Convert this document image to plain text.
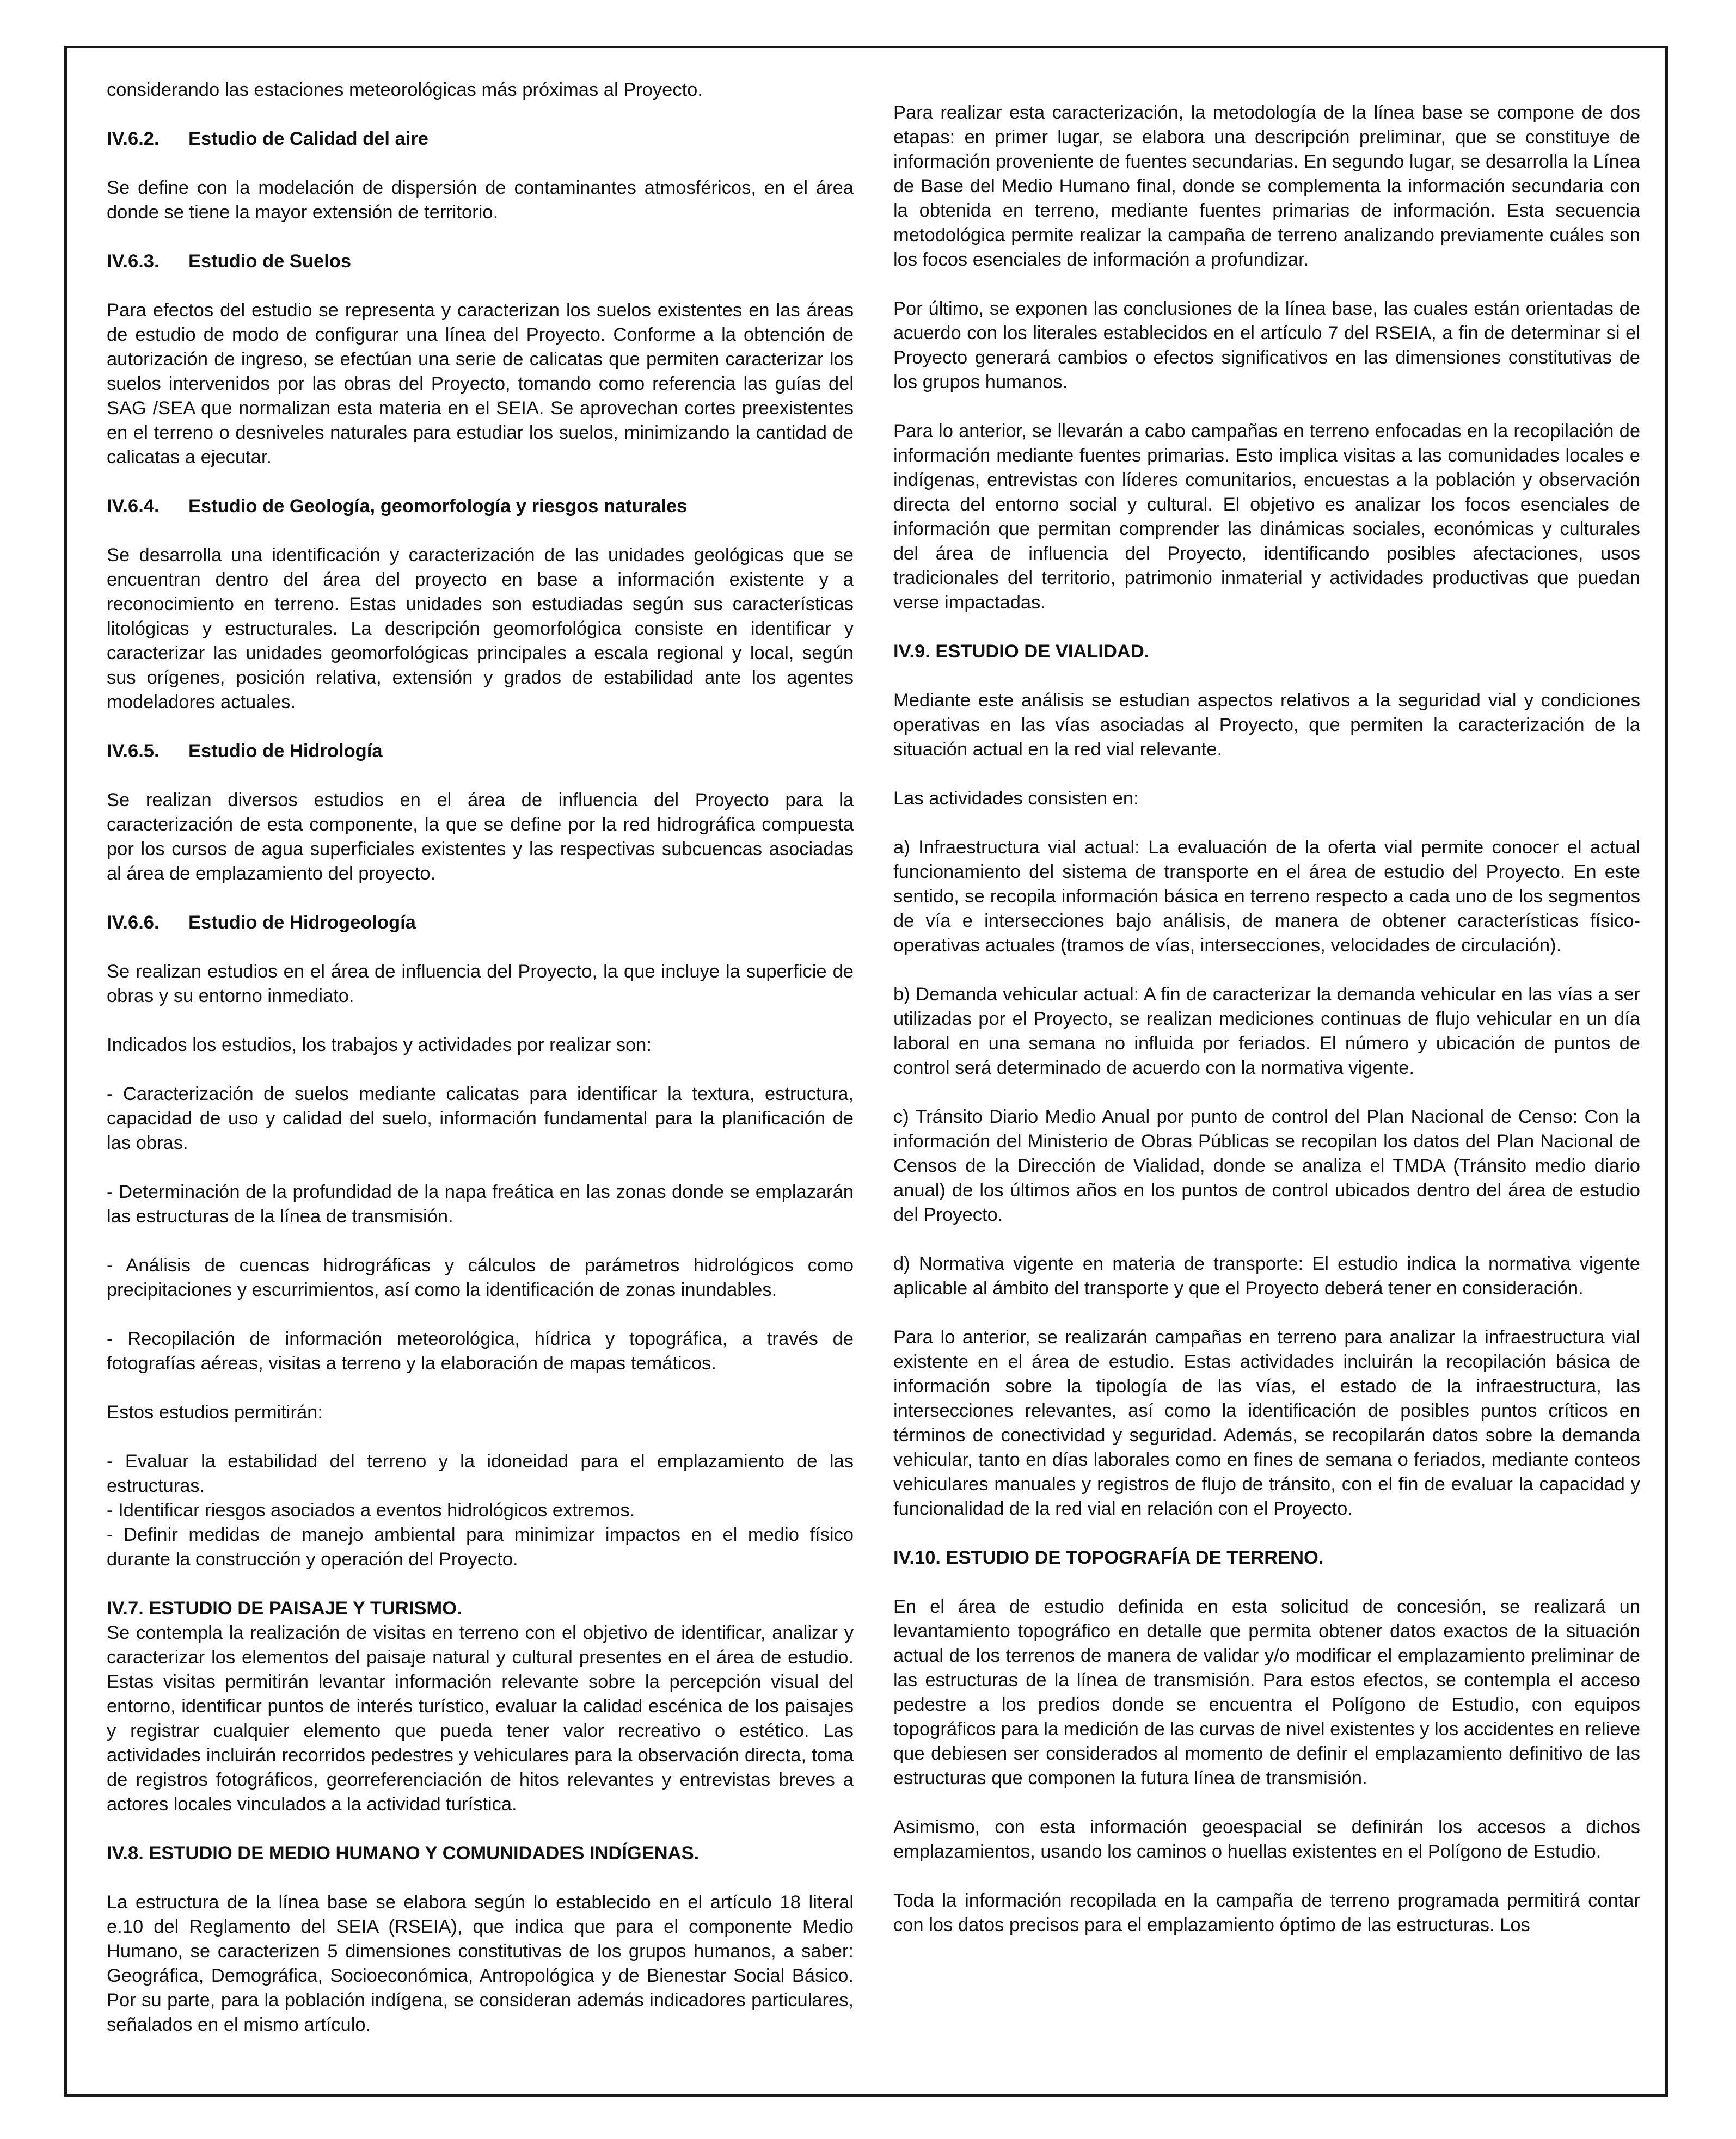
considerando las estaciones meteorológicas más próximas al Proyecto.

IV.6.2. Estudio de Calidad del aire

Se define con la modelación de dispersión de contaminantes atmosféricos, en el área donde se tiene la mayor extensión de territorio.

IV.6.3. Estudio de Suelos

Para efectos del estudio se representa y caracterizan los suelos existentes en las áreas de estudio de modo de configurar una línea del Proyecto. Conforme a la obtención de autorización de ingreso, se efectúan una serie de calicatas que permiten caracterizar los suelos intervenidos por las obras del Proyecto, tomando como referencia las guías del SAG /SEA que normalizan esta materia en el SEIA. Se aprovechan cortes preexistentes en el terreno o desniveles naturales para estudiar los suelos, minimizando la cantidad de calicatas a ejecutar.

IV.6.4. Estudio de Geología, geomorfología y riesgos naturales

Se desarrolla una identificación y caracterización de las unidades geológicas que se encuentran dentro del área del proyecto en base a información existente y a reconocimiento en terreno. Estas unidades son estudiadas según sus características litológicas y estructurales. La descripción geomorfológica consiste en identificar y caracterizar las unidades geomorfológicas principales a escala regional y local, según sus orígenes, posición relativa, extensión y grados de estabilidad ante los agentes modeladores actuales.

IV.6.5. Estudio de Hidrología

Se realizan diversos estudios en el área de influencia del Proyecto para la caracterización de esta componente, la que se define por la red hidrográfica compuesta por los cursos de agua superficiales existentes y las respectivas subcuencas asociadas al área de emplazamiento del proyecto.

IV.6.6. Estudio de Hidrogeología

Se realizan estudios en el área de influencia del Proyecto, la que incluye la superficie de obras y su entorno inmediato.

Indicados los estudios, los trabajos y actividades por realizar son:

- Caracterización de suelos mediante calicatas para identificar la textura, estructura, capacidad de uso y calidad del suelo, información fundamental para la planificación de las obras.

- Determinación de la profundidad de la napa freática en las zonas donde se emplazarán las estructuras de la línea de transmisión.

- Análisis de cuencas hidrográficas y cálculos de parámetros hidrológicos como precipitaciones y escurrimientos, así como la identificación de zonas inundables.

- Recopilación de información meteorológica, hídrica y topográfica, a través de fotografías aéreas, visitas a terreno y la elaboración de mapas temáticos.

Estos estudios permitirán:

- Evaluar la estabilidad del terreno y la idoneidad para el emplazamiento de las estructuras.

- Identificar riesgos asociados a eventos hidrológicos extremos.

- Definir medidas de manejo ambiental para minimizar impactos en el medio físico durante la construcción y operación del Proyecto.

IV.7. ESTUDIO DE PAISAJE Y TURISMO.

Se contempla la realización de visitas en terreno con el objetivo de identificar, analizar y caracterizar los elementos del paisaje natural y cultural presentes en el área de estudio. Estas visitas permitirán levantar información relevante sobre la percepción visual del entorno, identificar puntos de interés turístico, evaluar la calidad escénica de los paisajes y registrar cualquier elemento que pueda tener valor recreativo o estético. Las actividades incluirán recorridos pedestres y vehiculares para la observación directa, toma de registros fotográficos, georreferenciación de hitos relevantes y entrevistas breves a actores locales vinculados a la actividad turística.

IV.8. ESTUDIO DE MEDIO HUMANO Y COMUNIDADES INDÍGENAS.

La estructura de la línea base se elabora según lo establecido en el artículo 18 literal e.10 del Reglamento del SEIA (RSEIA), que indica que para el componente Medio Humano, se caracterizen 5 dimensiones constitutivas de los grupos humanos, a saber: Geográfica, Demográfica, Socioeconómica, Antropológica y de Bienestar Social Básico. Por su parte, para la población indígena, se consideran además indicadores particulares, señalados en el mismo artículo.

Para realizar esta caracterización, la metodología de la línea base se compone de dos etapas: en primer lugar, se elabora una descripción preliminar, que se constituye de información proveniente de fuentes secundarias. En segundo lugar, se desarrolla la Línea de Base del Medio Humano final, donde se complementa la información secundaria con la obtenida en terreno, mediante fuentes primarias de información. Esta secuencia metodológica permite realizar la campaña de terreno analizando previamente cuáles son los focos esenciales de información a profundizar.

Por último, se exponen las conclusiones de la línea base, las cuales están orientadas de acuerdo con los literales establecidos en el artículo 7 del RSEIA, a fin de determinar si el Proyecto generará cambios o efectos significativos en las dimensiones constitutivas de los grupos humanos.

Para lo anterior, se llevarán a cabo campañas en terreno enfocadas en la recopilación de información mediante fuentes primarias. Esto implica visitas a las comunidades locales e indígenas, entrevistas con líderes comunitarios, encuestas a la población y observación directa del entorno social y cultural. El objetivo es analizar los focos esenciales de información que permitan comprender las dinámicas sociales, económicas y culturales del área de influencia del Proyecto, identificando posibles afectaciones, usos tradicionales del territorio, patrimonio inmaterial y actividades productivas que puedan verse impactadas.

IV.9. ESTUDIO DE VIALIDAD.

Mediante este análisis se estudian aspectos relativos a la seguridad vial y condiciones operativas en las vías asociadas al Proyecto, que permiten la caracterización de la situación actual en la red vial relevante.

Las actividades consisten en:

a) Infraestructura vial actual: La evaluación de la oferta vial permite conocer el actual funcionamiento del sistema de transporte en el área de estudio del Proyecto. En este sentido, se recopila información básica en terreno respecto a cada uno de los segmentos de vía e intersecciones bajo análisis, de manera de obtener características físico-operativas actuales (tramos de vías, intersecciones, velocidades de circulación).

b) Demanda vehicular actual: A fin de caracterizar la demanda vehicular en las vías a ser utilizadas por el Proyecto, se realizan mediciones continuas de flujo vehicular en un día laboral en una semana no influida por feriados. El número y ubicación de puntos de control será determinado de acuerdo con la normativa vigente.

c) Tránsito Diario Medio Anual por punto de control del Plan Nacional de Censo: Con la información del Ministerio de Obras Públicas se recopilan los datos del Plan Nacional de Censos de la Dirección de Vialidad, donde se analiza el TMDA (Tránsito medio diario anual) de los últimos años en los puntos de control ubicados dentro del área de estudio del Proyecto.

d) Normativa vigente en materia de transporte: El estudio indica la normativa vigente aplicable al ámbito del transporte y que el Proyecto deberá tener en consideración.

Para lo anterior, se realizarán campañas en terreno para analizar la infraestructura vial existente en el área de estudio. Estas actividades incluirán la recopilación básica de información sobre la tipología de las vías, el estado de la infraestructura, las intersecciones relevantes, así como la identificación de posibles puntos críticos en términos de conectividad y seguridad. Además, se recopilarán datos sobre la demanda vehicular, tanto en días laborales como en fines de semana o feriados, mediante conteos vehiculares manuales y registros de flujo de tránsito, con el fin de evaluar la capacidad y funcionalidad de la red vial en relación con el Proyecto.

IV.10. ESTUDIO DE TOPOGRAFÍA DE TERRENO.

En el área de estudio definida en esta solicitud de concesión, se realizará un levantamiento topográfico en detalle que permita obtener datos exactos de la situación actual de los terrenos de manera de validar y/o modificar el emplazamiento preliminar de las estructuras de la línea de transmisión. Para estos efectos, se contempla el acceso pedestre a los predios donde se encuentra el Polígono de Estudio, con equipos topográficos para la medición de las curvas de nivel existentes y los accidentes en relieve que debiesen ser considerados al momento de definir el emplazamiento definitivo de las estructuras que componen la futura línea de transmisión.

Asimismo, con esta información geoespacial se definirán los accesos a dichos emplazamientos, usando los caminos o huellas existentes en el Polígono de Estudio.

Toda la información recopilada en la campaña de terreno programada permitirá contar con los datos precisos para el emplazamiento óptimo de las estructuras. Los
